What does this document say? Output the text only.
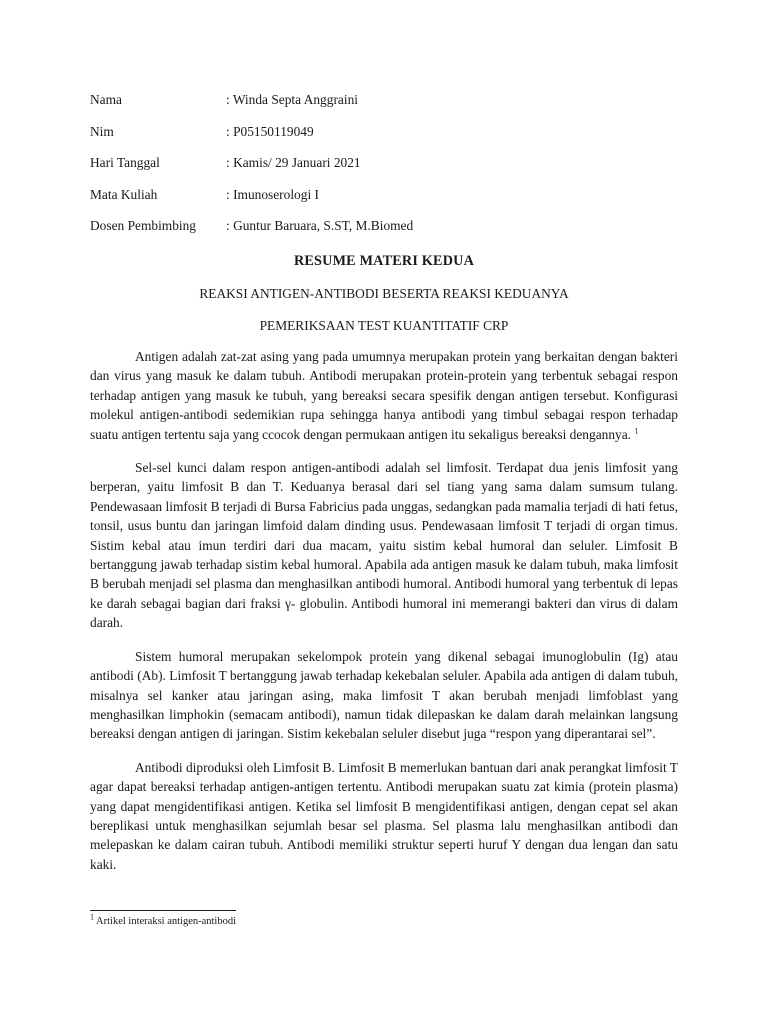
Nama	: Winda Septa Anggraini
Nim	: P05150119049
Hari Tanggal	: Kamis/ 29 Januari 2021
Mata Kuliah	: Imunoserologi I
Dosen Pembimbing	: Guntur Baruara, S.ST, M.Biomed
RESUME MATERI KEDUA
REAKSI ANTIGEN-ANTIBODI BESERTA REAKSI KEDUANYA
PEMERIKSAAN TEST KUANTITATIF CRP

Antigen adalah zat-zat asing yang pada umumnya merupakan protein yang berkaitan dengan bakteri dan virus yang masuk ke dalam tubuh. Antibodi merupakan protein-protein yang terbentuk sebagai respon terhadap antigen yang masuk ke tubuh, yang bereaksi secara spesifik dengan antigen tersebut. Konfigurasi molekul antigen-antibodi sedemikian rupa sehingga hanya antibodi yang timbul sebagai respon terhadap suatu antigen tertentu saja yang ccocok dengan permukaan antigen itu sekaligus bereaksi dengannya. $^1$

Sel-sel kunci dalam respon antigen-antibodi adalah sel limfosit. Terdapat dua jenis limfosit yang berperan, yaitu limfosit B dan T. Keduanya berasal dari sel tiang yang sama dalam sumsum tulang. Pendewasaan limfosit B terjadi di Bursa Fabricius pada unggas, sedangkan pada mamalia terjadi di hati fetus, tonsil, usus buntu dan jaringan limfoid dalam dinding usus. Pendewasaan limfosit T terjadi di organ timus. Sistim kebal atau imun terdiri dari dua macam, yaitu sistim kebal humoral dan seluler. Limfosit B bertanggung jawab terhadap sistim kebal humoral. Apabila ada antigen masuk ke dalam tubuh, maka limfosit B berubah menjadi sel plasma dan menghasilkan antibodi humoral. Antibodi humoral yang terbentuk di lepas ke darah sebagai bagian dari fraksi γ- globulin. Antibodi humoral ini memerangi bakteri dan virus di dalam darah.

Sistem humoral merupakan sekelompok protein yang dikenal sebagai imunoglobulin (Ig) atau antibodi (Ab). Limfosit T bertanggung jawab terhadap kekebalan seluler. Apabila ada antigen di dalam tubuh, misalnya sel kanker atau jaringan asing, maka limfosit T akan berubah menjadi limfoblast yang menghasilkan limphokin (semacam antibodi), namun tidak dilepaskan ke dalam darah melainkan langsung bereaksi dengan antigen di jaringan. Sistim kekebalan seluler disebut juga “respon yang diperantarai sel”.

Antibodi diproduksi oleh Limfosit B. Limfosit B memerlukan bantuan dari anak perangkat limfosit T agar dapat bereaksi terhadap antigen-antigen tertentu. Antibodi merupakan suatu zat kimia (protein plasma) yang dapat mengidentifikasi antigen. Ketika sel limfosit B mengidentifikasi antigen, dengan cepat sel akan bereplikasi untuk menghasilkan sejumlah besar sel plasma. Sel plasma lalu menghasilkan antibodi dan melepaskan ke dalam cairan tubuh. Antibodi memiliki struktur seperti huruf Y dengan dua lengan dan satu kaki.

$^1$ Artikel interaksi antigen-antibodi
